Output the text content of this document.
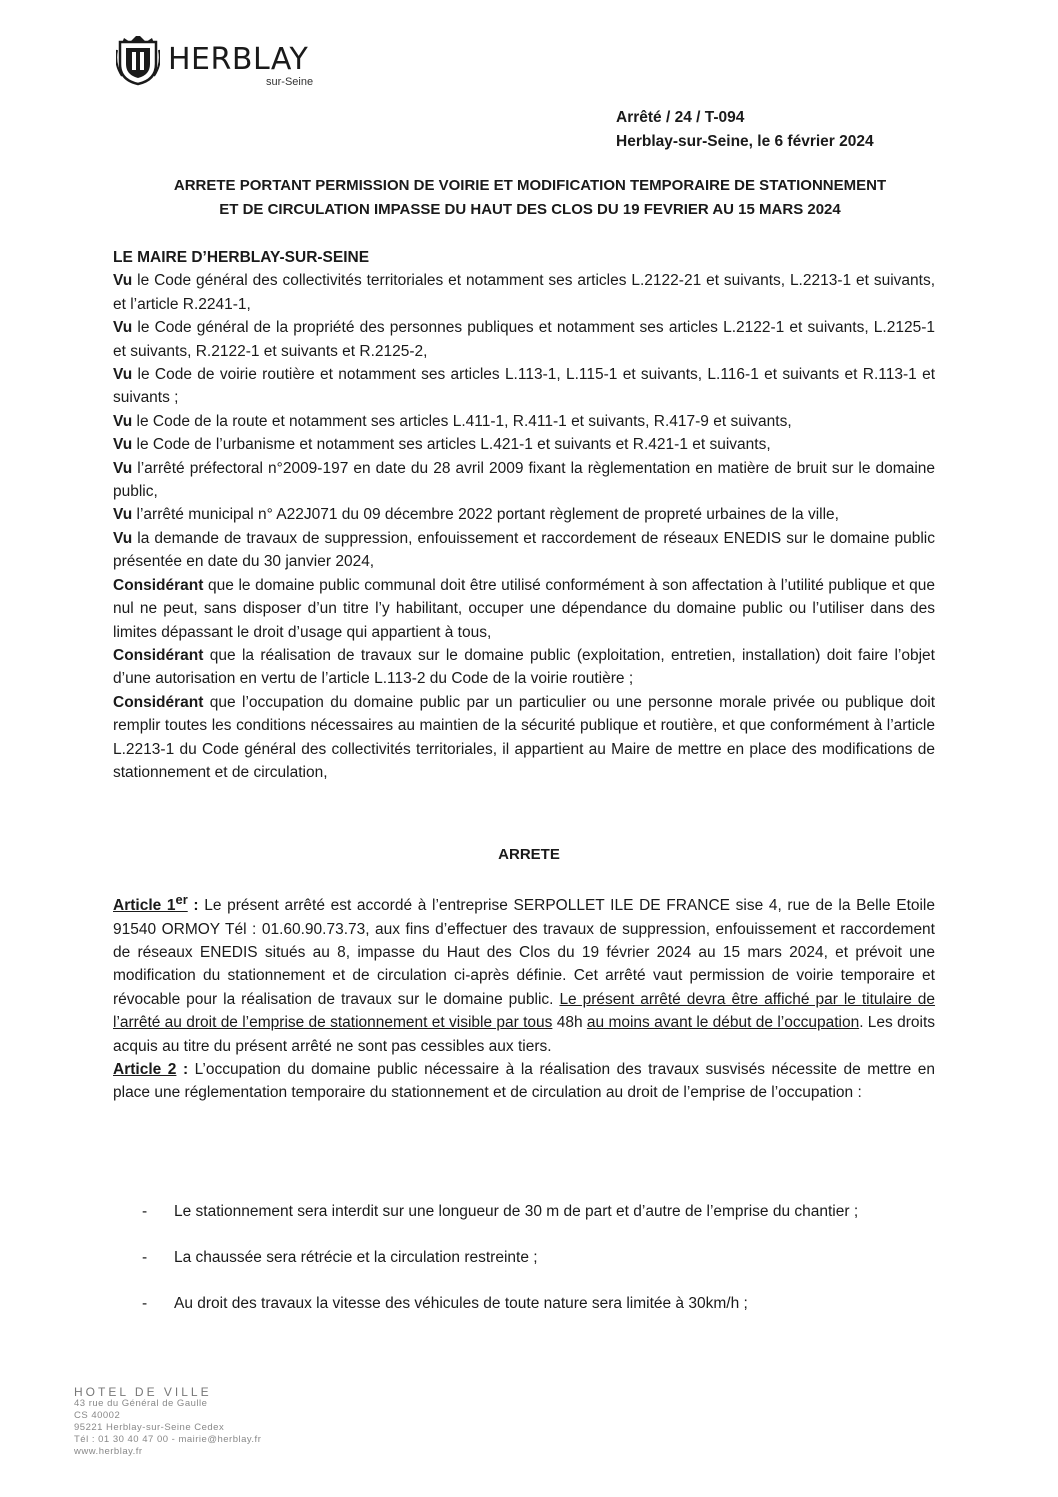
HERBLAY
sur-Seine
Arrêté / 24 / T-094
Herblay-sur-Seine, le 6 février 2024
ARRETE PORTANT PERMISSION DE VOIRIE ET MODIFICATION TEMPORAIRE DE STATIONNEMENT
ET DE CIRCULATION IMPASSE DU HAUT DES CLOS DU 19 FEVRIER AU 15 MARS 2024

LE MAIRE D’HERBLAY-SUR-SEINE

Vu le Code général des collectivités territoriales et notamment ses articles L.2122-21 et suivants, L.2213-1 et suivants, et l’article R.2241-1,

Vu le Code général de la propriété des personnes publiques et notamment ses articles L.2122-1 et suivants, L.2125-1 et suivants, R.2122-1 et suivants et R.2125-2,

Vu le Code de voirie routière et notamment ses articles L.113-1, L.115-1 et suivants, L.116-1 et suivants et R.113-1 et suivants ;

Vu le Code de la route et notamment ses articles L.411-1, R.411-1 et suivants, R.417-9 et suivants,

Vu le Code de l’urbanisme et notamment ses articles L.421-1 et suivants et R.421-1 et suivants,

Vu l’arrêté préfectoral n°2009-197 en date du 28 avril 2009 fixant la règlementation en matière de bruit sur le domaine public,

Vu l’arrêté municipal n° A22J071 du 09 décembre 2022 portant règlement de propreté urbaines de la ville,

Vu la demande de travaux de suppression, enfouissement et raccordement de réseaux ENEDIS sur le domaine public présentée en date du 30 janvier 2024,

Considérant que le domaine public communal doit être utilisé conformément à son affectation à l’utilité publique et que nul ne peut, sans disposer d’un titre l’y habilitant, occuper une dépendance du domaine public ou l’utiliser dans des limites dépassant le droit d’usage qui appartient à tous,

Considérant que la réalisation de travaux sur le domaine public (exploitation, entretien, installation) doit faire l’objet d’une autorisation en vertu de l’article L.113-2 du Code de la voirie routière ;

Considérant que l’occupation du domaine public par un particulier ou une personne morale privée ou publique doit remplir toutes les conditions nécessaires au maintien de la sécurité publique et routière, et que conformément à l’article L.2213-1 du Code général des collectivités territoriales, il appartient au Maire de mettre en place des modifications de stationnement et de circulation,

ARRETE

Article 1er : Le présent arrêté est accordé à l’entreprise SERPOLLET ILE DE FRANCE sise 4, rue de la Belle Etoile 91540 ORMOY Tél : 01.60.90.73.73, aux fins d’effectuer des travaux de suppression, enfouissement et raccordement de réseaux ENEDIS situés au 8, impasse du Haut des Clos du 19 février 2024 au 15 mars 2024, et prévoit une modification du stationnement et de circulation ci-après définie. Cet arrêté vaut permission de voirie temporaire et révocable pour la réalisation de travaux sur le domaine public. Le présent arrêté devra être affiché par le titulaire de l’arrêté au droit de l’emprise de stationnement et visible par tous 48h au moins avant le début de l’occupation. Les droits acquis au titre du présent arrêté ne sont pas cessibles aux tiers.

Article 2 : L’occupation du domaine public nécessaire à la réalisation des travaux susvisés nécessite de mettre en place une réglementation temporaire du stationnement et de circulation au droit de l’emprise de l’occupation :

- Le stationnement sera interdit sur une longueur de 30 m de part et d’autre de l’emprise du chantier ;
- La chaussée sera rétrécie et la circulation restreinte ;
- Au droit des travaux la vitesse des véhicules de toute nature sera limitée à 30km/h ;
HOTEL DE VILLE
43 rue du Général de Gaulle
CS 40002
95221 Herblay-sur-Seine Cedex
Tél : 01 30 40 47 00 - mairie@herblay.fr
www.herblay.fr
